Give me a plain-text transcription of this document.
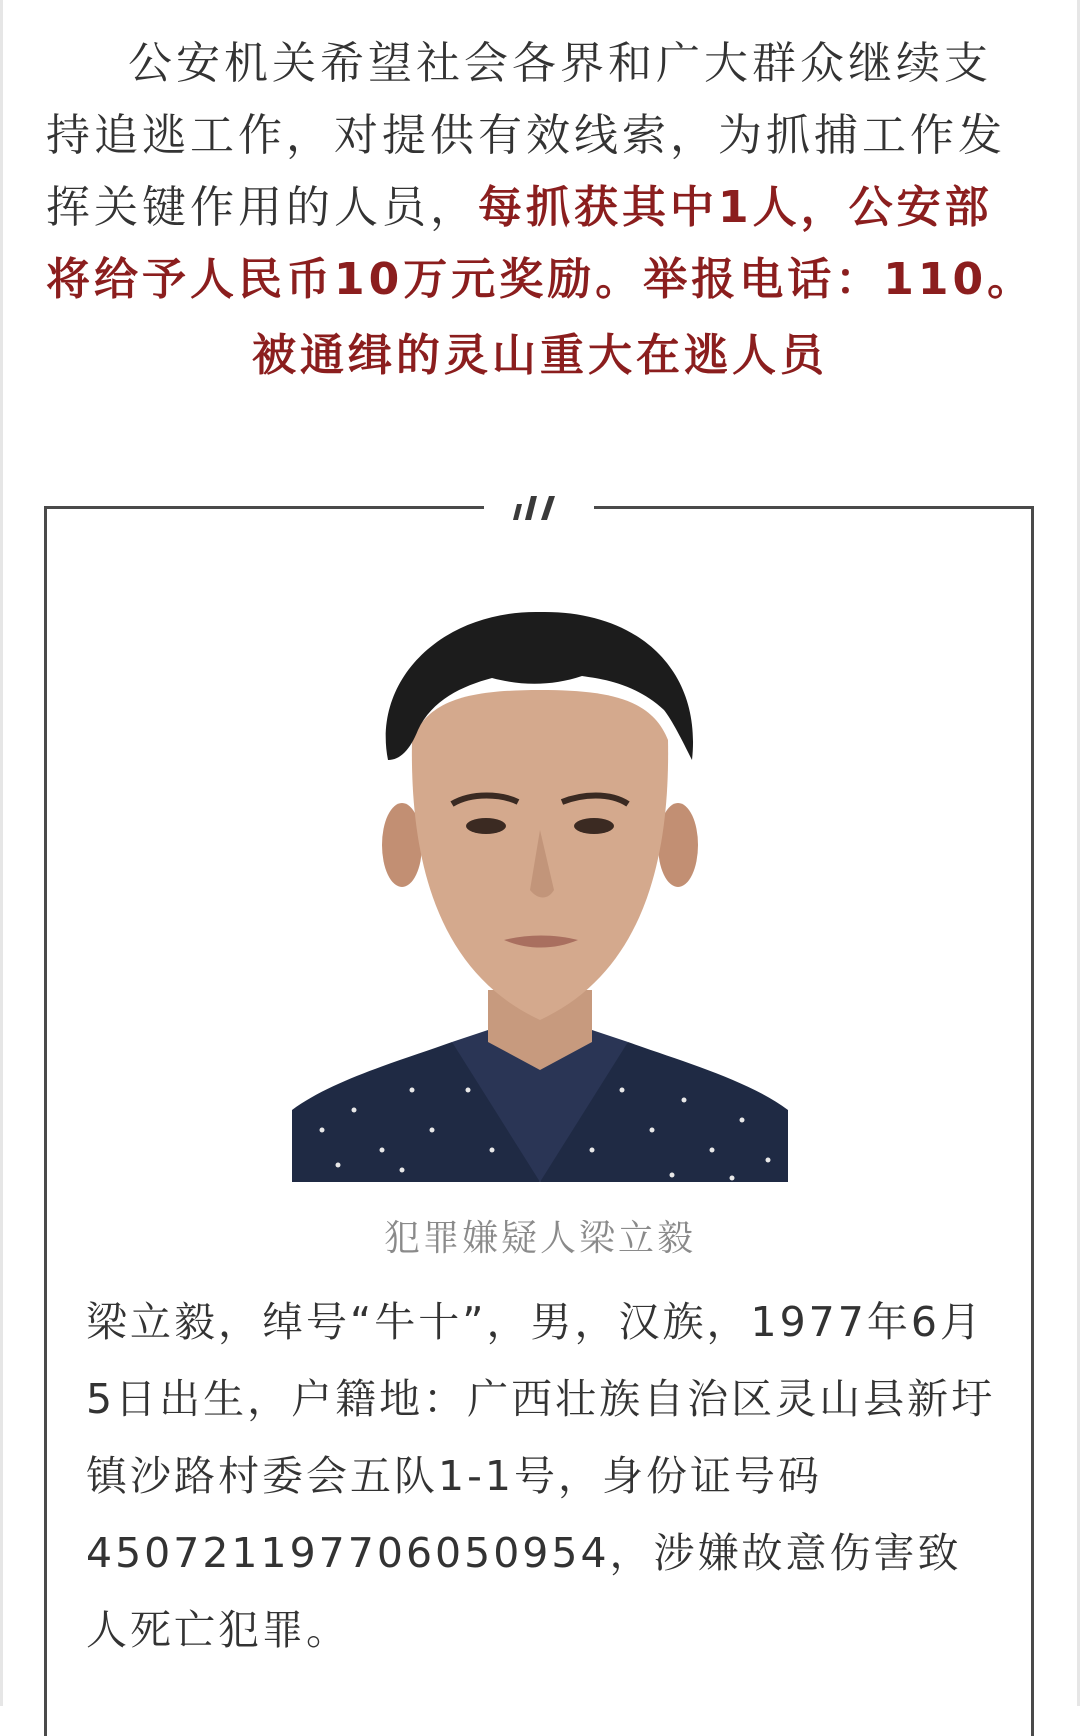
公安机关希望社会各界和广大群众继续支持追逃工作，对提供有效线索，为抓捕工作发挥关键作用的人员，每抓获其中1人，公安部将给予人民币10万元奖励。举报电话：110。
被通缉的灵山重大在逃人员
犯罪嫌疑人梁立毅
梁立毅，绰号“牛十”，男，汉族，1977年6月5日出生，户籍地：广西壮族自治区灵山县新圩镇沙路村委会五队1-1号，身份证号码450721197706050954，涉嫌故意伤害致人死亡犯罪。
